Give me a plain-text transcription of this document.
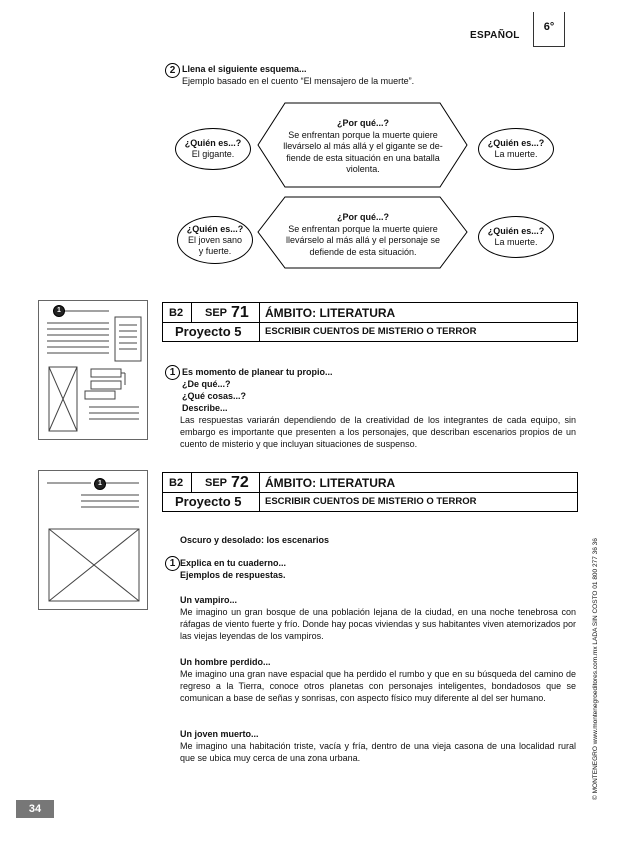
ESPAÑOL
6°
2 Llena el siguiente esquema...
Ejemplo basado en el cuento “El mensajero de la muerte”.
¿Quién es...?
El gigante.
¿Por qué...?
Se enfrentan porque la muerte quiere
llevárselo al más allá y el gigante se de-
fiende de esta situación en una batalla
violenta.
¿Quién es...?
La muerte.
¿Quién es...?
El joven sano
y fuerte.
¿Por qué...?
Se enfrentan porque la muerte quiere
llevárselo al más allá y el personaje se
defiende de esta situación.
¿Quién es...?
La muerte.
1	B2 SEP 71 ÁMBITO: LITERATURA
Proyecto 5 ESCRIBIR CUENTOS DE MISTERIO O TERROR
1 Es momento de planear tu propio...
¿De qué...?
¿Qué cosas...?
Describe...
Las respuestas variarán dependiendo de la creatividad de los integrantes de cada equipo, sin embargo es importante que presenten a los personajes, que describan escenarios propios de un cuento de misterio y que incluyan situaciones de suspenso.
1	B2 SEP 72 ÁMBITO: LITERATURA
Proyecto 5 ESCRIBIR CUENTOS DE MISTERIO O TERROR
Oscuro y desolado: los escenarios
1 Explica en tu cuaderno...
Ejemplos de respuestas.
Un vampiro...
Me imagino un gran bosque de una población lejana de la ciudad, en una noche tenebrosa con ráfagas de viento fuerte y frío. Donde hay pocas viviendas y sus habitantes viven atemorizados por las viejas leyendas de los vampiros.
Un hombre perdido...
Me imagino una gran nave espacial que ha perdido el rumbo y que en su búsqueda del camino de regreso a la Tierra, conoce otros planetas con personajes inteligentes, bondadosos que se comunican a base de señas y sonrisas, con aspecto físico muy diferente al del ser humano.
Un joven muerto...
Me imagino una habitación triste, vacía y fría, dentro de una vieja casona de una localidad rural que se ubica muy cerca de una zona urbana.	© MONTENEGRO www.montenegroeditores.com.mx LADA SIN COSTO 01 800 277 36 36
34
